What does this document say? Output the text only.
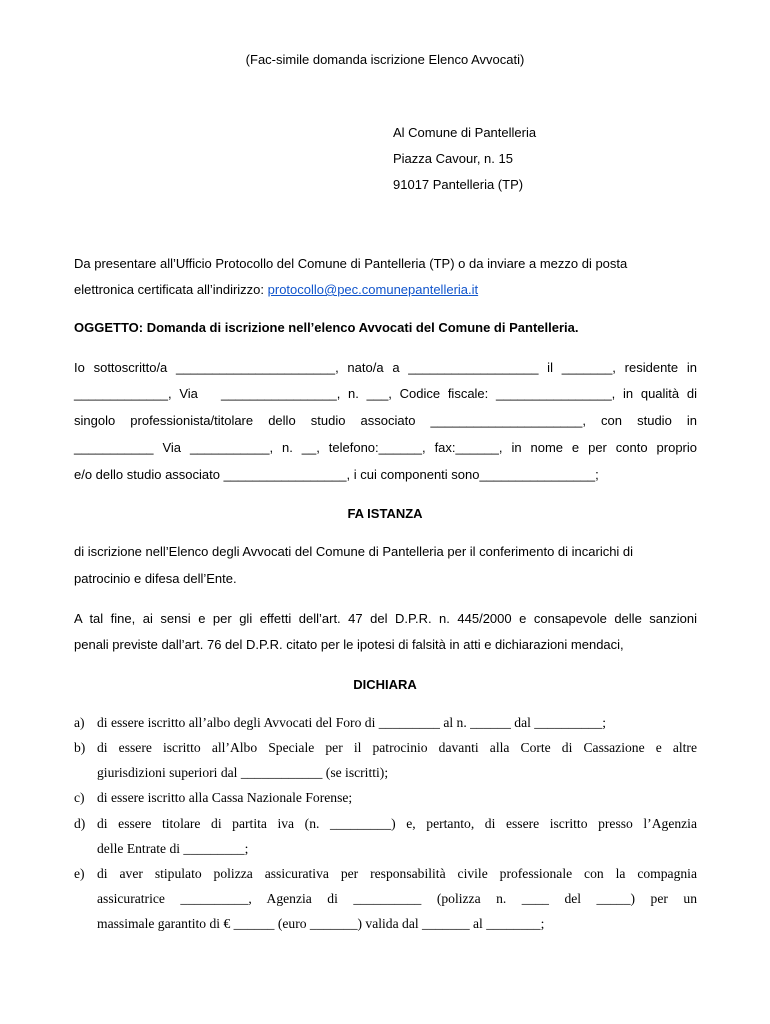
(Fac-simile domanda iscrizione Elenco Avvocati)
Al Comune di Pantelleria
Piazza Cavour, n. 15
91017 Pantelleria (TP)
Da presentare all’Ufficio Protocollo del Comune di Pantelleria (TP) o da inviare a mezzo di posta
elettronica certificata all’indirizzo: protocollo@pec.comunepantelleria.it
OGGETTO: Domanda di iscrizione nell’elenco Avvocati del Comune di Pantelleria.
Io sottoscritto/a ______________________, nato/a a __________________ il _______, residente in
_____________, Via   ________________, n. ___, Codice fiscale: ________________, in qualità di
singolo professionista/titolare dello studio associato _____________________, con studio in
___________ Via ___________, n. __, telefono:______, fax:______, in nome e per conto proprio
e/o dello studio associato _________________, i cui componenti sono________________;
FA ISTANZA
di iscrizione nell’Elenco degli Avvocati del Comune di Pantelleria per il conferimento di incarichi di
patrocinio e difesa dell’Ente.
A tal fine, ai sensi e per gli effetti dell’art. 47 del D.P.R. n. 445/2000 e consapevole delle sanzioni
penali previste dall’art. 76 del D.P.R. citato per le ipotesi di falsità in atti e dichiarazioni mendaci,
DICHIARA
a) di essere iscritto all’albo degli Avvocati del Foro di _________ al n. ______ dal __________;
b) di essere iscritto all’Albo Speciale per il patrocinio davanti alla Corte di Cassazione e altre
giurisdizioni superiori dal ____________ (se iscritti);
c) di essere iscritto alla Cassa Nazionale Forense;
d) di essere titolare di partita iva (n. _________) e, pertanto, di essere iscritto presso l’Agenzia
delle Entrate di _________;
e) di aver stipulato polizza assicurativa per responsabilità civile professionale con la compagnia
assicuratrice __________, Agenzia di __________ (polizza n. ____ del _____) per un
massimale garantito di € ______ (euro _______) valida dal _______ al ________;
